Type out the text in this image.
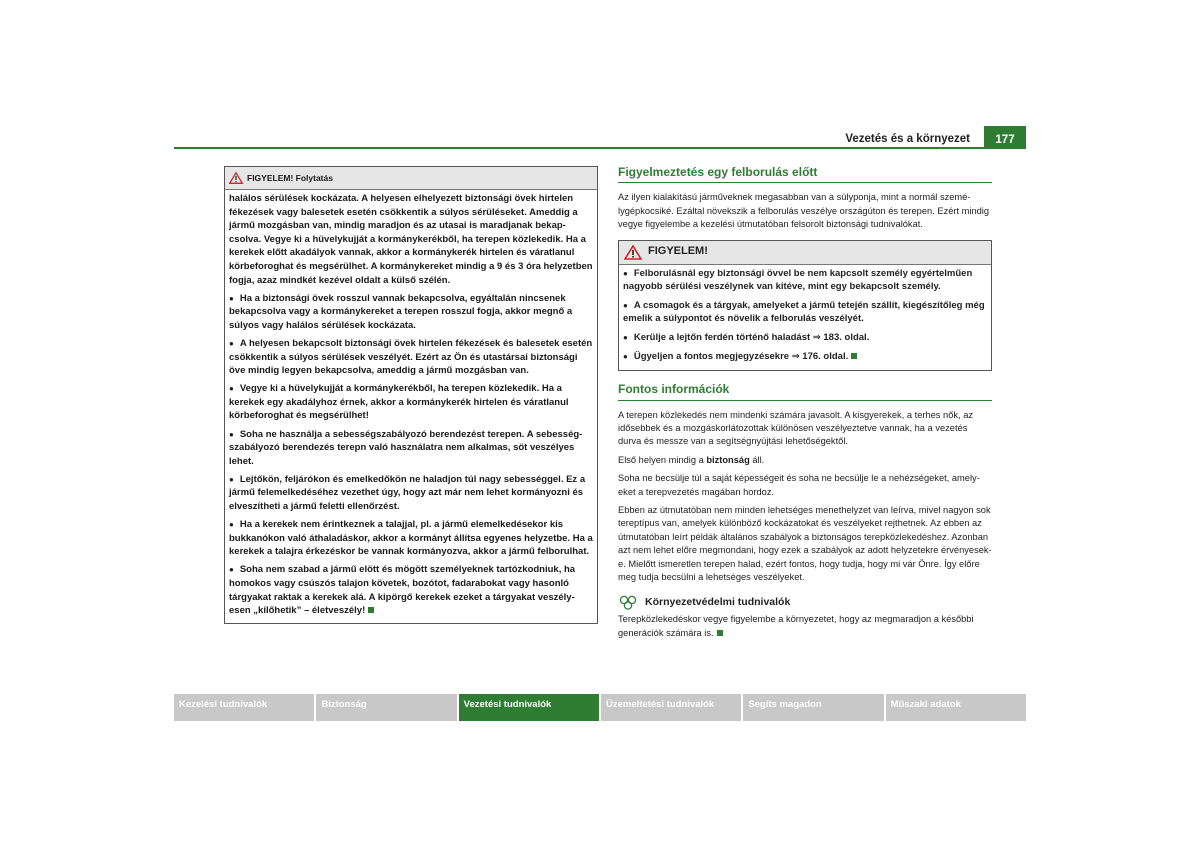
Vezetés és a környezet	177
FIGYELEM! Folytatás

halálos sérülések kockázata. A helyesen elhelyezett biztonsági övek hirtelen fékezések vagy balesetek esetén csökkentik a súlyos sérüléseket. Ameddig a jármű mozgásban van, mindig maradjon és az utasai is maradjanak bekapcsolva. Vegye ki a hüvelykujját a kormánykerékből, ha terepen közlekedik. Ha a kerekek előtt akadályok vannak, akkor a kormánykerék hirtelen és váratlanul körbeforoghat és megsérülhet. A kormánykereket mindig a 9 és 3 óra helyzetben fogja, azaz mindkét kezével oldalt a külső szélén.

● Ha a biztonsági övek rosszul vannak bekapcsolva, egyáltalán nincsenek bekapcsolva vagy a kormánykereket a terepen rosszul fogja, akkor megnő a súlyos vagy halálos sérülések kockázata.

● A helyesen bekapcsolt biztonsági övek hirtelen fékezések és balesetek esetén csökkentik a súlyos sérülések veszélyét. Ezért az Ön és utastársai biztonsági öve mindig legyen bekapcsolva, ameddig a jármű mozgásban van.

● Vegye ki a hüvelykujját a kormánykerékből, ha terepen közlekedik. Ha a kerekek egy akadályhoz érnek, akkor a kormánykerék hirtelen és váratlanul körbeforoghat és megsérülhet!

● Soha ne használja a sebességszabályozó berendezést terepen. A sebességszabályozó berendezés terepn való használatra nem alkalmas, söt veszélyes lehet.

● Lejtőkön, feljárókon és emelkedőkön ne haladjon túl nagy sebességgel. Ez a jármű felemelkedéséhez vezethet úgy, hogy azt már nem lehet kormányozni és elveszítheti a jármű feletti ellenőrzést.

● Ha a kerekek nem érintkeznek a talajjal, pl. a jármű elemelkedésekor kis bukkanókon való áthaladáskor, akkor a kormányt állítsa egyenes helyzetbe. Ha a kerekek a talajra érkezéskor be vannak kormányozva, akkor a jármű felborulhat.

● Soha nem szabad a jármű elött és mögött személyeknek tartózkodniuk, ha homokos vagy csúszós talajon követek, bozótot, fadarabokat vagy hasonló tárgyakat raktak a kerekek alá. A kipörgő kerekek ezeket a tárgyakat veszélyesen „kilőhetik” – életveszély!

Figyelmeztetés egy felborulás előtt

Az ilyen kialakítású járműveknek megasabban van a súlyponja, mint a normál személygépkocsiké. Ezáltal növekszik a felborulás veszélye országúton és terepen. Ezért mindig vegye figyelembe a kezelési útmutatóban felsorolt biztonsági tudnivalókat.

FIGYELEM!

● Felborulásnál egy biztonsági övvel be nem kapcsolt személy egyértelműen nagyobb sérülési veszélynek van kitéve, mint egy bekapcsolt személy.

● A csomagok és a tárgyak, amelyeket a jármű tetején szállít, kiegészítőleg még emelik a súlypontot és növelik a felborulás veszélyét.

● Kerülje a lejtőn ferdén történő haladást ⇒ 183. oldal.

● Ügyeljen a fontos megjegyzésekre ⇒ 176. oldal.

Fontos információk

A terepen közlekedés nem mindenki számára javasolt. A kisgyerekek, a terhes nők, az idősebbek és a mozgáskorlátozottak különösen veszélyeztetve vannak, ha a vezetés durva és messze van a segítségnyújtási lehetőségektől.

Első helyen mindig a biztonság áll.

Soha ne becsülje túl a saját képességeit és soha ne becsülje le a nehézségeket, amelyeket a terepvezetés magában hordoz.

Ebben az útmutatóban nem minden lehetséges menethelyzet van leírva, mivel nagyon sok tereptípus van, amelyek különböző kockázatokat és veszélyeket rejthetnek. Az ebben az útmutatóban leírt példák általános szabályok a biztonságos terepközlekedéshez. Azonban azt nem lehet előre megmondani, hogy ezek a szabályok az adott helyzetekre érvényesek-e. Mielőtt ismeretlen terepen halad, ezért fontos, hogy tudja, hogy mi vár Önre. Így előre meg tudja becsülni a lehetséges veszélyeket.

Környezetvédelmi tudnivalók

Terepközlekedéskor vegye figyelembe a környezetet, hogy az megmaradjon a későbbi generációk számára is.

Kezelési tudnivalók	Biztonság	Vezetési tudnivalók	Üzemeltetési tudnivalók	Segíts magadon	Műszaki adatok
